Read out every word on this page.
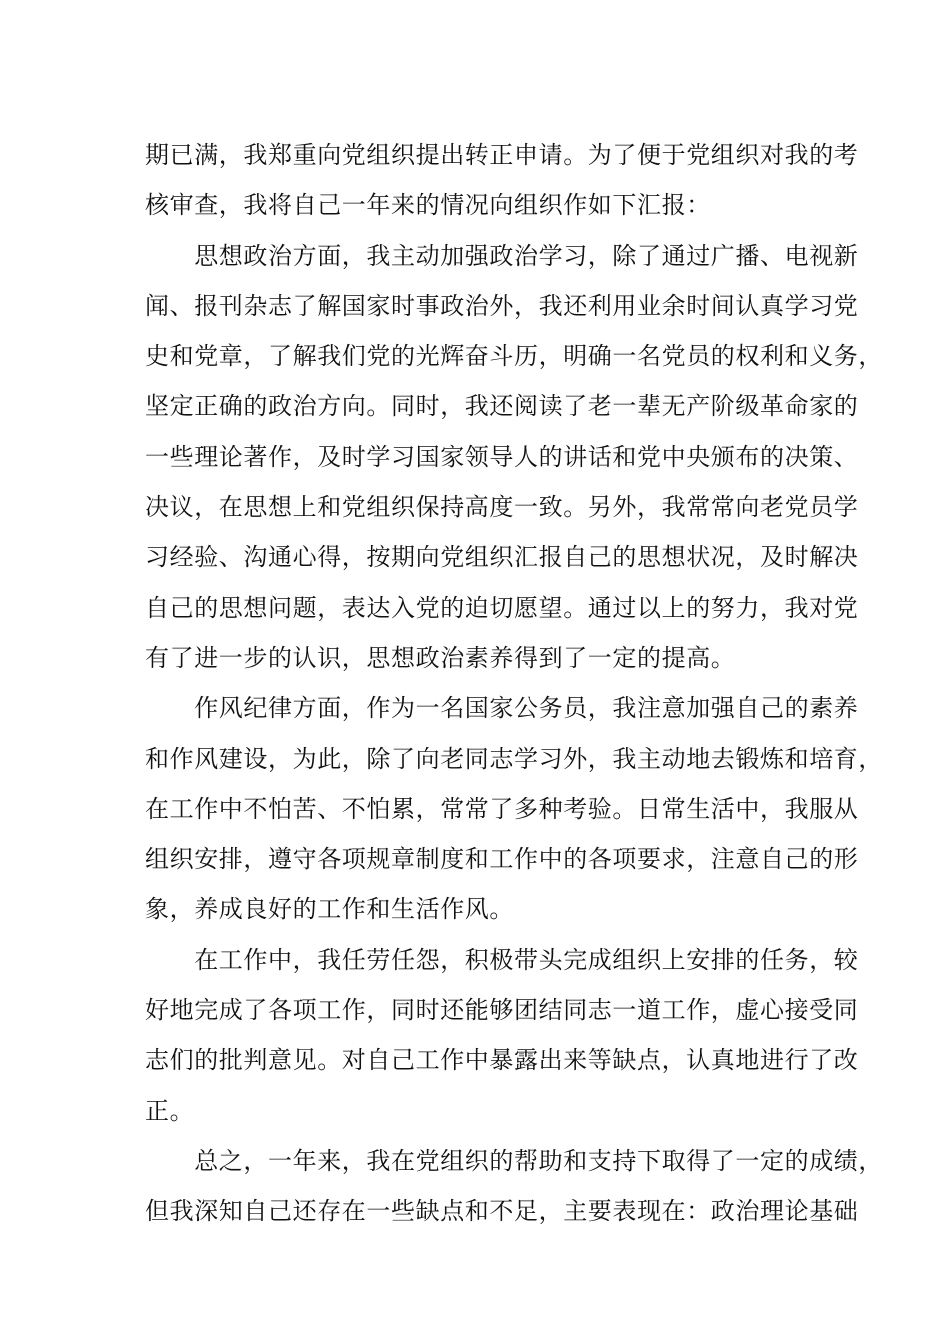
期已满，我郑重向党组织提出转正申请。为了便于党组织对我的考
核审查，我将自己一年来的情况向组织作如下汇报：
　　思想政治方面，我主动加强政治学习，除了通过广播、电视新
闻、报刊杂志了解国家时事政治外，我还利用业余时间认真学习党
史和党章，了解我们党的光辉奋斗历，明确一名党员的权利和义务，
坚定正确的政治方向。同时，我还阅读了老一辈无产阶级革命家的
一些理论著作，及时学习国家领导人的讲话和党中央颁布的决策、
决议，在思想上和党组织保持高度一致。另外，我常常向老党员学
习经验、沟通心得，按期向党组织汇报自己的思想状况，及时解决
自己的思想问题，表达入党的迫切愿望。通过以上的努力，我对党
有了进一步的认识，思想政治素养得到了一定的提高。
　　作风纪律方面，作为一名国家公务员，我注意加强自己的素养
和作风建设，为此，除了向老同志学习外，我主动地去锻炼和培育，
在工作中不怕苦、不怕累，常常了多种考验。日常生活中，我服从
组织安排，遵守各项规章制度和工作中的各项要求，注意自己的形
象，养成良好的工作和生活作风。
　　在工作中，我任劳任怨，积极带头完成组织上安排的任务，较
好地完成了各项工作，同时还能够团结同志一道工作，虚心接受同
志们的批判意见。对自己工作中暴露出来等缺点，认真地进行了改
正。
　　总之，一年来，我在党组织的帮助和支持下取得了一定的成绩，
但我深知自己还存在一些缺点和不足，主要表现在：政治理论基础
